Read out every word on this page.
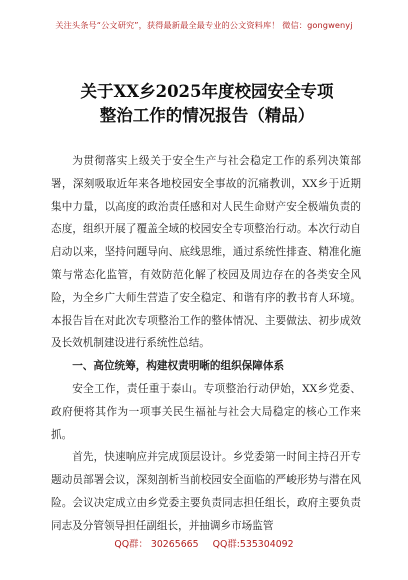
关注头条号“公文研究”，获得最新最全最专业的公文资料库！ 微信：gongwenyj
关于XX乡2025年度校园安全专项
整治工作的情况报告（精品）

为贯彻落实上级关于安全生产与社会稳定工作的系列决策部署，深刻吸取近年来各地校园安全事故的沉痛教训，XX乡于近期集中力量，以高度的政治责任感和对人民生命财产安全极端负责的态度，组织开展了覆盖全域的校园安全专项整治行动。本次行动自启动以来，坚持问题导向、底线思维，通过系统性排查、精准化施策与常态化监管，有效防范化解了校园及周边存在的各类安全风险，为全乡广大师生营造了安全稳定、和谐有序的教书育人环境。本报告旨在对此次专项整治工作的整体情况、主要做法、初步成效及长效机制建设进行系统性总结。

一、高位统筹，构建权责明晰的组织保障体系

安全工作，责任重于泰山。专项整治行动伊始，XX乡党委、政府便将其作为一项事关民生福祉与社会大局稳定的核心工作来抓。

首先，快速响应并完成顶层设计。乡党委第一时间主持召开专题动员部署会议，深刻剖析当前校园安全面临的严峻形势与潜在风险。会议决定成立由乡党委主要负责同志担任组长，政府主要负责同志及分管领导担任副组长，并抽调乡市场监管

QQ群： 30265665 QQ群:535304092
